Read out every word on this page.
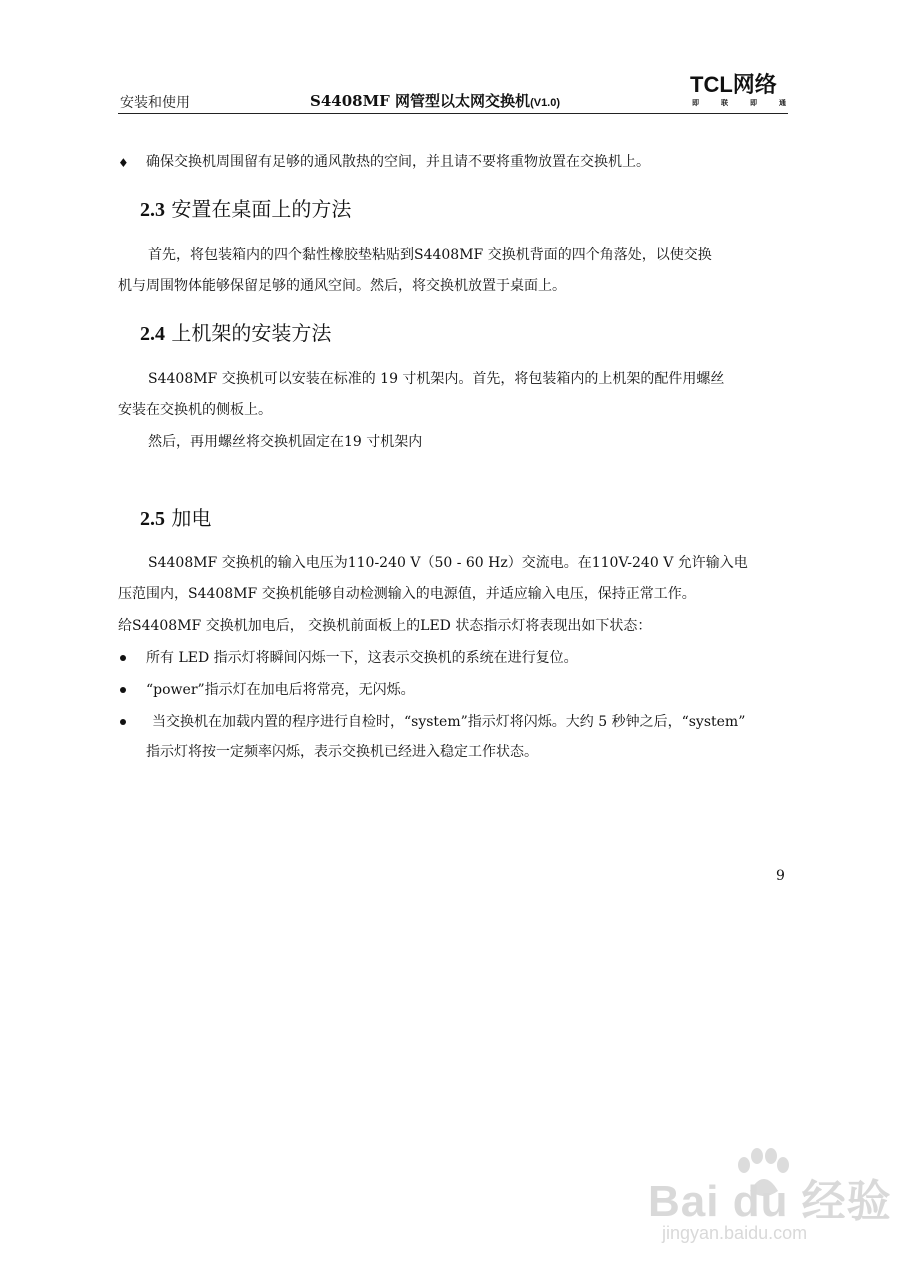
安装和使用	S4408MF 网管型以太网交换机(V1.0)
TCL网络
即	联	即	通
♦ 确保交换机周围留有足够的通风散热的空间，并且请不要将重物放置在交换机上。
2.3 安置在桌面上的方法
首先，将包装箱内的四个黏性橡胶垫粘贴到S4408MF 交换机背面的四个角落处，以使交换
机与周围物体能够保留足够的通风空间。然后，将交换机放置于桌面上。
2.4 上机架的安装方法
S4408MF 交换机可以安装在标准的 19 寸机架内。首先，将包装箱内的上机架的配件用螺丝
安装在交换机的侧板上。
然后，再用螺丝将交换机固定在19 寸机架内
2.5 加电
S4408MF 交换机的输入电压为110-240 V（50 - 60 Hz）交流电。在110V-240 V 允许输入电
压范围内，S4408MF 交换机能够自动检测输入的电源值，并适应输入电压，保持正常工作。
给S4408MF 交换机加电后， 交换机前面板上的LED 状态指示灯将表现出如下状态：
所有 LED 指示灯将瞬间闪烁一下，这表示交换机的系统在进行复位。
“power”指示灯在加电后将常亮，无闪烁。
当交换机在加载内置的程序进行自检时，“system”指示灯将闪烁。大约 5 秒钟之后，“system”
指示灯将按一定频率闪烁，表示交换机已经进入稳定工作状态。
9
Bai du 经验
jingyan.baidu.com
